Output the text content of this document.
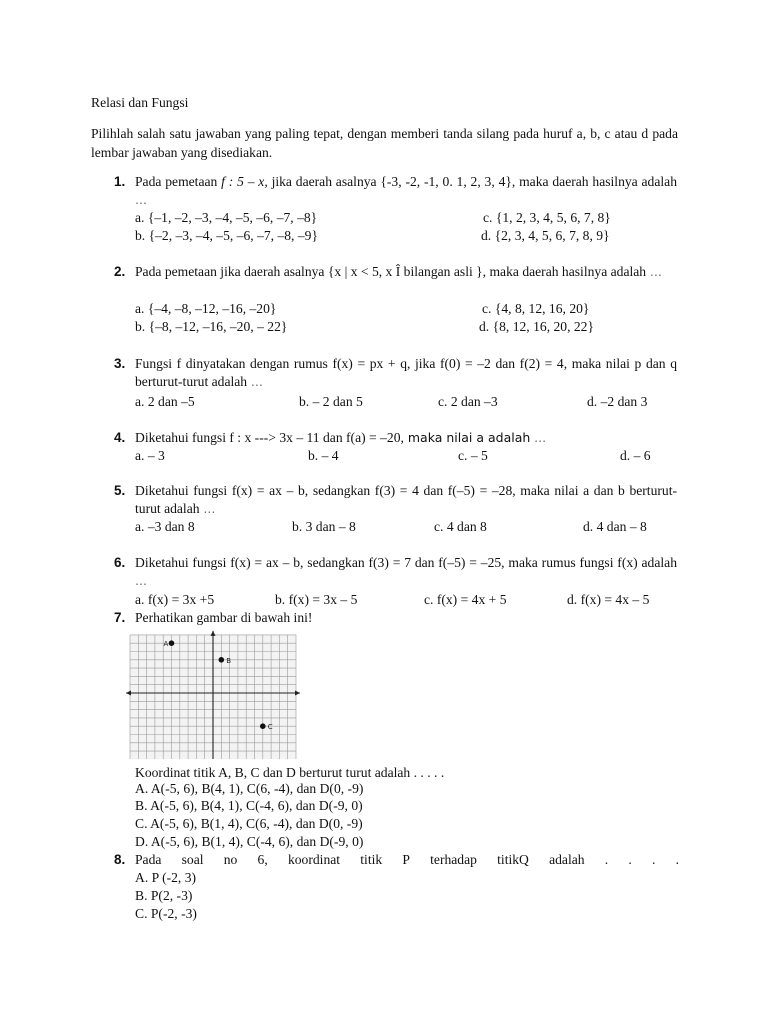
Relasi dan Fungsi
Pilihlah salah satu jawaban yang paling tepat, dengan memberi tanda silang pada huruf a, b, c atau d pada lembar jawaban yang disediakan.
1. Pada pemetaan f : 5 – x, jika daerah asalnya {-3, -2, -1, 0. 1, 2, 3, 4}, maka daerah hasilnya adalah …
a. {–1, –2, –3, –4, –5, –6, –7, –8}	c. {1, 2, 3, 4, 5, 6, 7, 8}
b. {–2, –3, –4, –5, –6, –7, –8, –9}	d. {2, 3, 4, 5, 6, 7, 8, 9}
2. Pada pemetaan jika daerah asalnya {x | x < 5, x Î bilangan asli }, maka daerah hasilnya adalah …
a. {–4, –8, –12, –16, –20}	c. {4, 8, 12, 16, 20}
b. {–8, –12, –16, –20, – 22}	d. {8, 12, 16, 20, 22}
3. Fungsi f dinyatakan dengan rumus f(x) = px + q, jika f(0) = –2 dan f(2) = 4, maka nilai p dan q berturut-turut adalah …
a. 2 dan –5	b. – 2 dan 5	c. 2 dan –3	d. –2 dan 3
4. Diketahui fungsi f : x ---> 3x – 11 dan f(a) = –20, maka nilai a adalah …
a. – 3	b. – 4	c. – 5	d. – 6
5. Diketahui fungsi f(x) = ax – b, sedangkan f(3) = 4 dan f(–5) = –28, maka nilai a dan b berturut-turut adalah …
a. –3 dan 8	b. 3 dan – 8	c. 4 dan 8	d. 4 dan – 8
6. Diketahui fungsi f(x) = ax – b, sedangkan f(3) = 7 dan f(–5) = –25, maka rumus fungsi f(x) adalah …
a. f(x) = 3x +5	b. f(x) = 3x – 5	c. f(x) = 4x + 5	d. f(x) = 4x – 5
7. Perhatikan gambar di bawah ini!
A
B
C
Koordinat titik A, B, C dan D berturut turut adalah . . . . .
A. A(-5, 6), B(4, 1), C(6, -4), dan D(0, -9)
B. A(-5, 6), B(4, 1), C(-4, 6), dan D(-9, 0)
C. A(-5, 6), B(1, 4), C(6, -4), dan D(0, -9)
D. A(-5, 6), B(1, 4), C(-4, 6), dan D(-9, 0)
8. Pada soal no 6, koordinat titik P terhadap titikQ adalah . . . .
A. P (-2, 3)
B. P(2, -3)
C. P(-2, -3)
